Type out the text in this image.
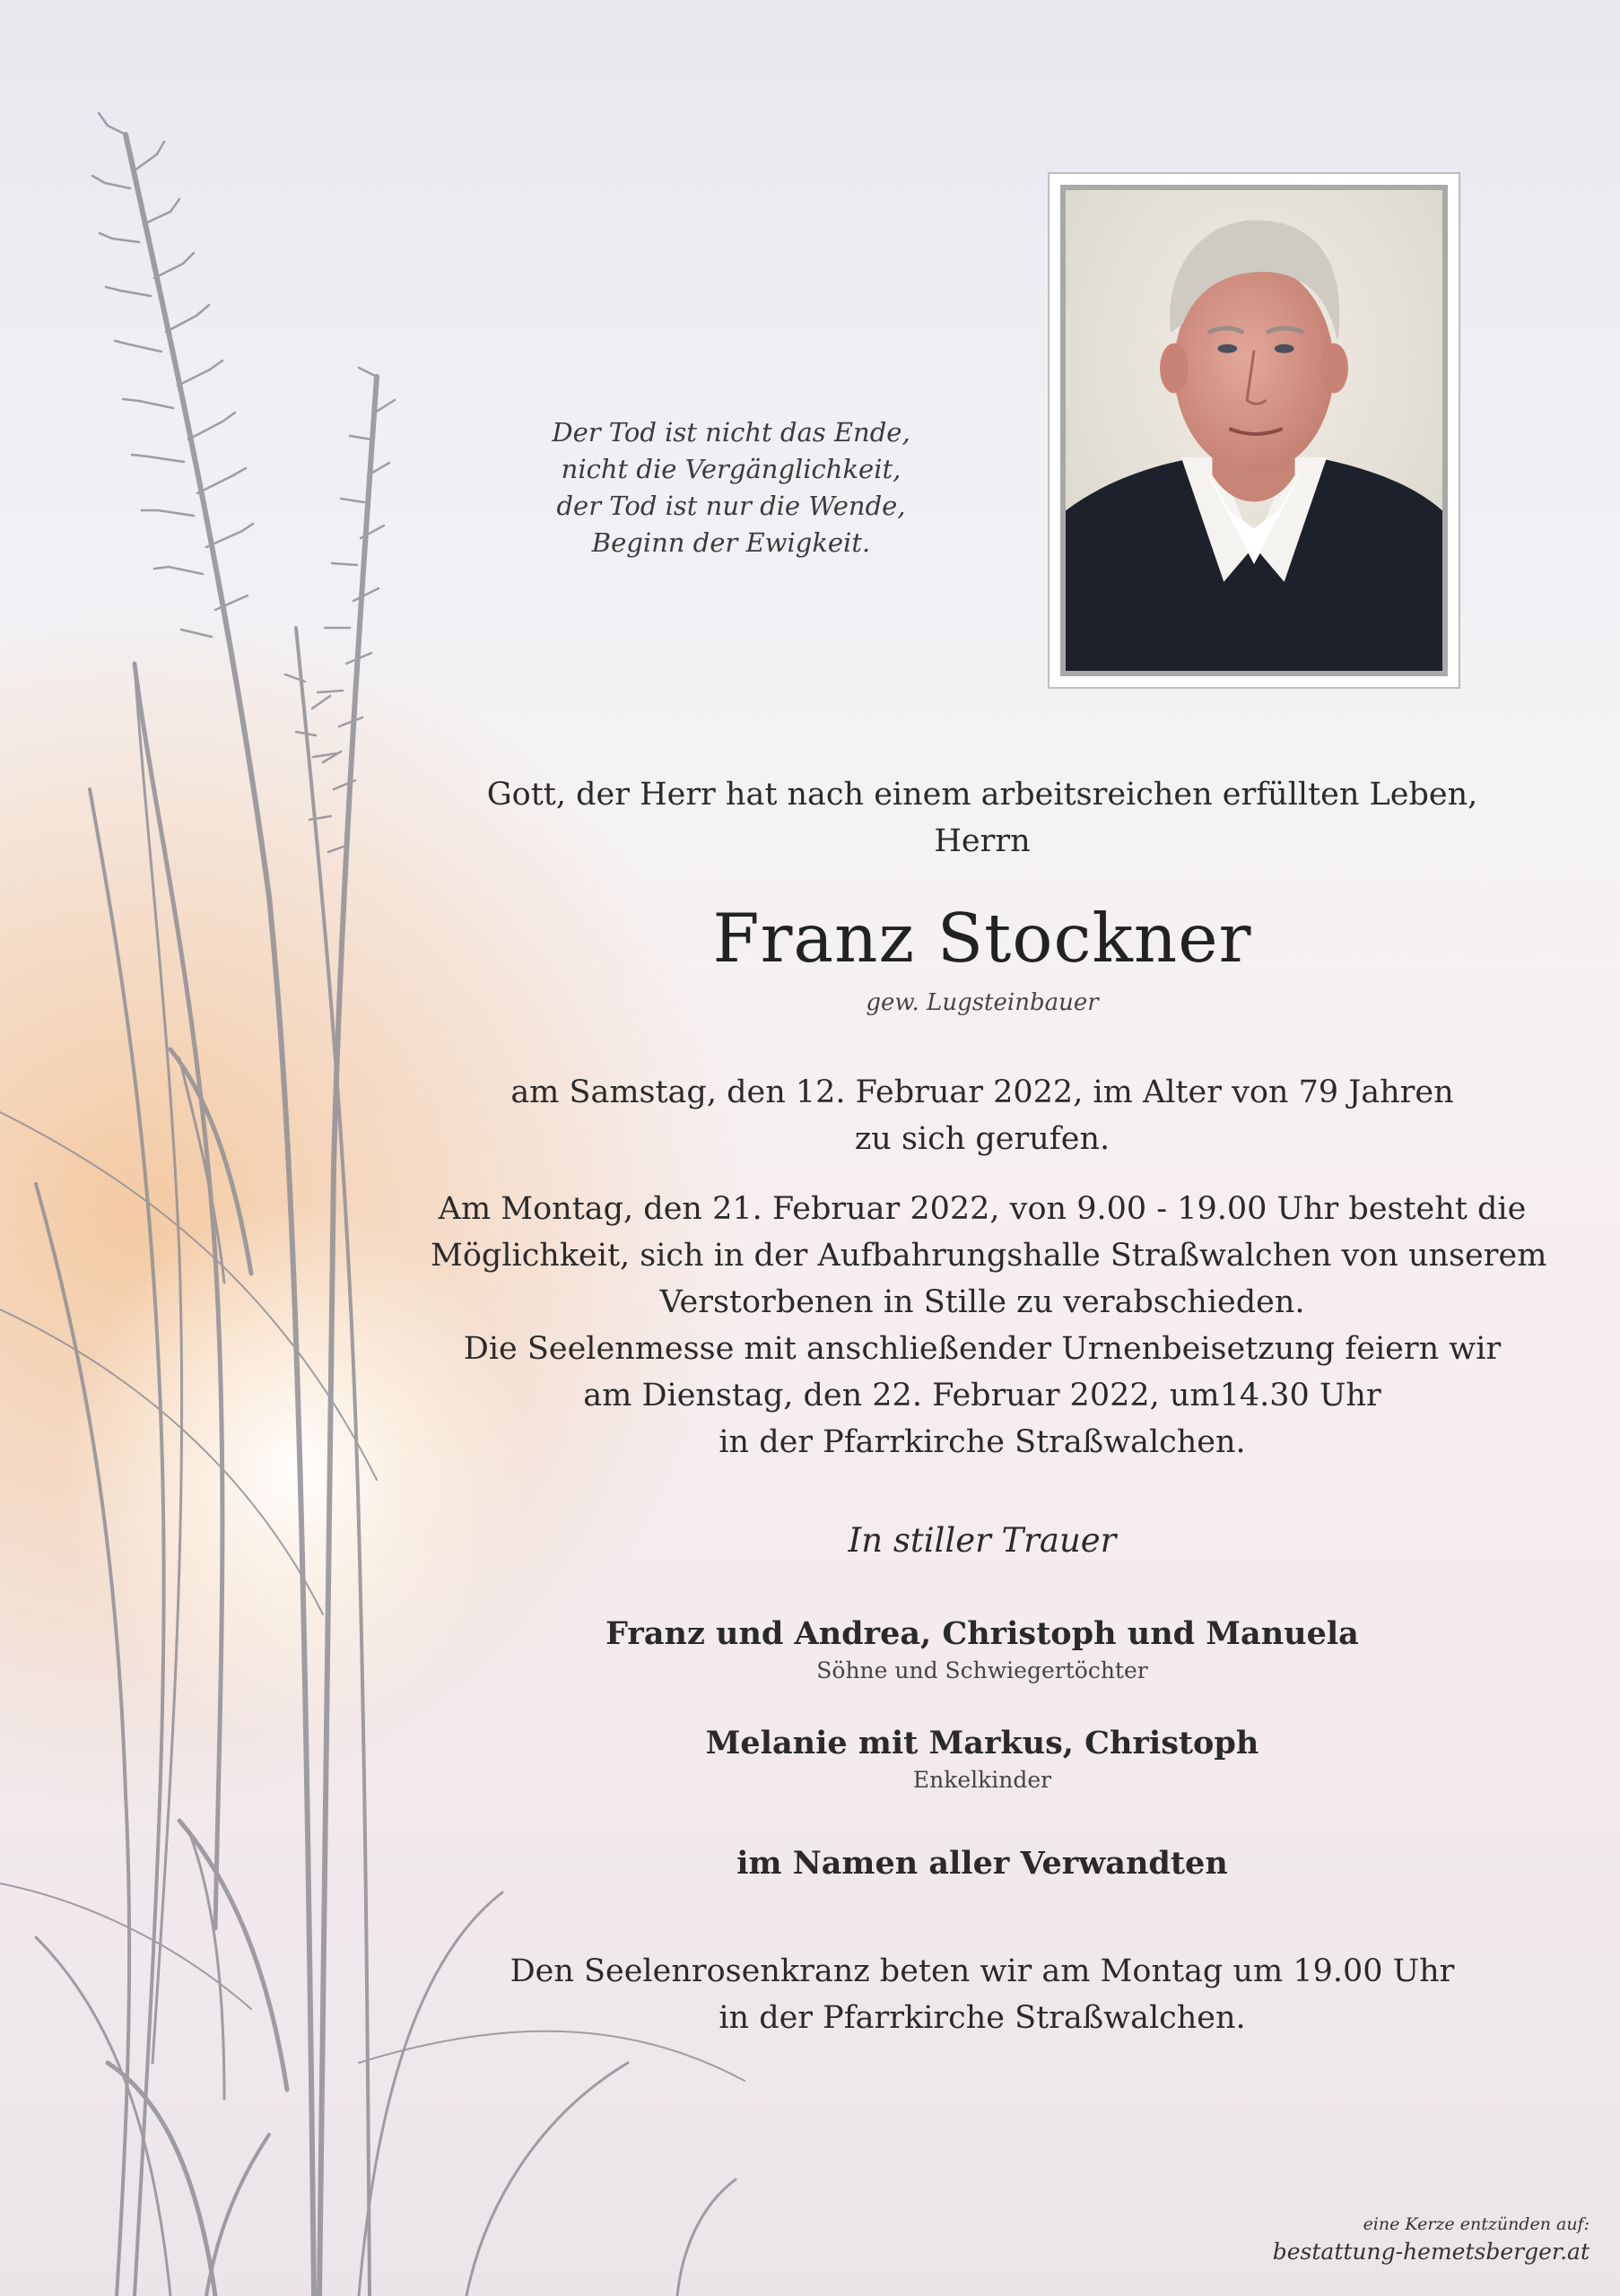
Der Tod ist nicht das Ende,
nicht die Vergänglichkeit,
der Tod ist nur die Wende,
Beginn der Ewigkeit.
Gott, der Herr hat nach einem arbeitsreichen erfüllten Leben,
Herrn
Franz Stockner
gew. Lugsteinbauer
am Samstag, den 12. Februar 2022, im Alter von 79 Jahren
zu sich gerufen.
Am Montag, den 21. Februar 2022, von 9.00 - 19.00 Uhr besteht die
Möglichkeit, sich in der Aufbahrungshalle Straßwalchen von unserem
Verstorbenen in Stille zu verabschieden.
Die Seelenmesse mit anschließender Urnenbeisetzung feiern wir
am Dienstag, den 22. Februar 2022, um14.30 Uhr
in der Pfarrkirche Straßwalchen.
In stiller Trauer
Franz und Andrea, Christoph und Manuela
Söhne und Schwiegertöchter
Melanie mit Markus, Christoph
Enkelkinder
im Namen aller Verwandten
Den Seelenrosenkranz beten wir am Montag um 19.00 Uhr
in der Pfarrkirche Straßwalchen.
eine Kerze entzünden auf:
bestattung-hemetsberger.at
